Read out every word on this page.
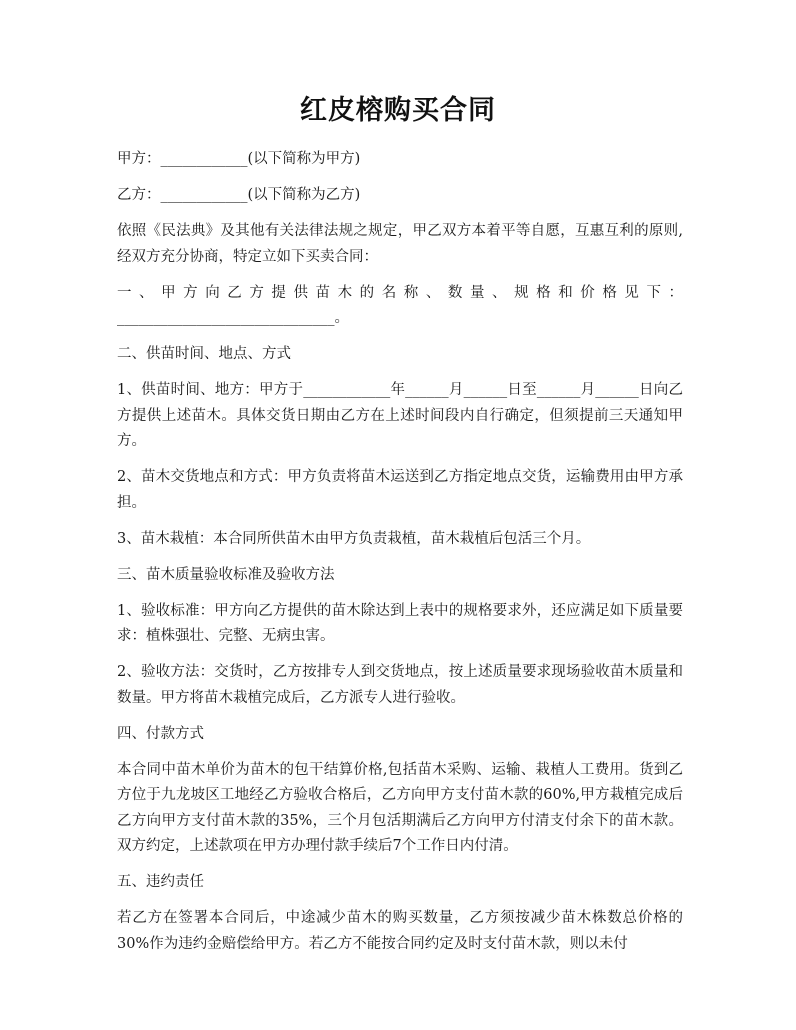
红皮榕购买合同

甲方：____________(以下简称为甲方)

乙方：____________(以下简称为乙方)

依照《民法典》及其他有关法律法规之规定，甲乙双方本着平等自愿，互惠互利的原则,经双方充分协商，特定立如下买卖合同：

一、甲方向乙方提供苗木的名称、数量、规格和价格见下：______________________________。

二、供苗时间、地点、方式

1、供苗时间、地方：甲方于____________年______月______日至______月______日向乙方提供上述苗木。具体交货日期由乙方在上述时间段内自行确定，但须提前三天通知甲方。

2、苗木交货地点和方式：甲方负责将苗木运送到乙方指定地点交货，运输费用由甲方承担。

3、苗木栽植：本合同所供苗木由甲方负责栽植，苗木栽植后包活三个月。

三、苗木质量验收标准及验收方法

1、验收标准：甲方向乙方提供的苗木除达到上表中的规格要求外，还应满足如下质量要求：植株强壮、完整、无病虫害。

2、验收方法：交货时，乙方按排专人到交货地点，按上述质量要求现场验收苗木质量和数量。甲方将苗木栽植完成后，乙方派专人进行验收。

四、付款方式

本合同中苗木单价为苗木的包干结算价格,包括苗木采购、运输、栽植人工费用。货到乙方位于九龙坡区工地经乙方验收合格后，乙方向甲方支付苗木款的60%,甲方栽植完成后乙方向甲方支付苗木款的35%，三个月包活期满后乙方向甲方付清支付余下的苗木款。双方约定，上述款项在甲方办理付款手续后7个工作日内付清。

五、违约责任

若乙方在签署本合同后，中途减少苗木的购买数量，乙方须按减少苗木株数总价格的30%作为违约金赔偿给甲方。若乙方不能按合同约定及时支付苗木款，则以未付
